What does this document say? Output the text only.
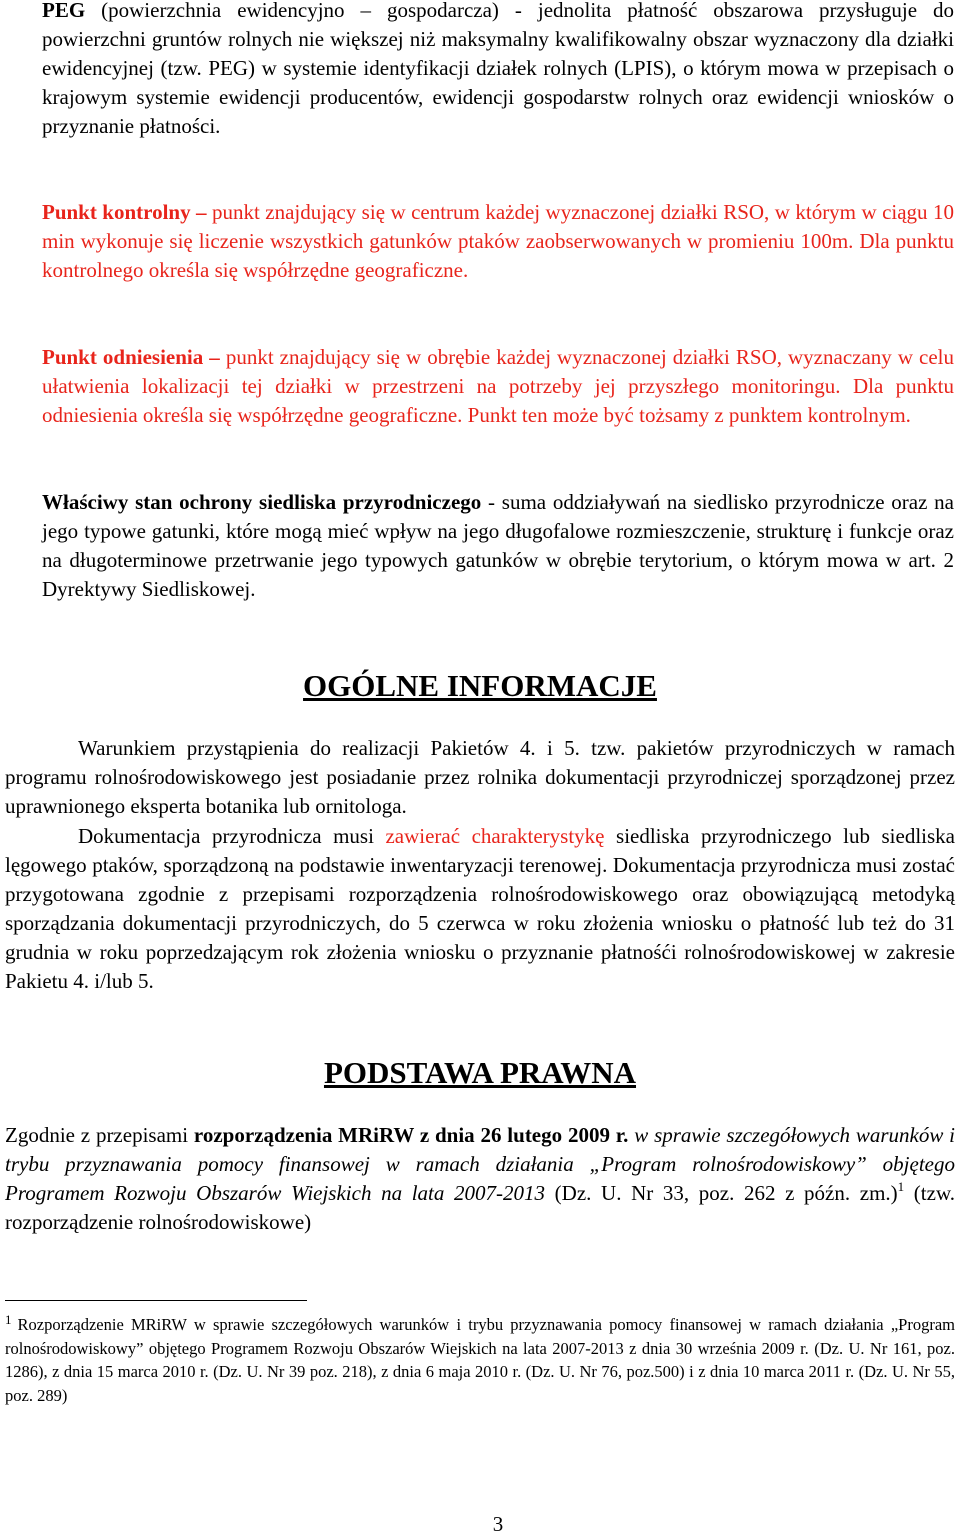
PEG (powierzchnia ewidencyjno – gospodarcza) - jednolita płatność obszarowa przysługuje do powierzchni gruntów rolnych nie większej niż maksymalny kwalifikowalny obszar wyznaczony dla działki ewidencyjnej (tzw. PEG) w systemie identyfikacji działek rolnych (LPIS), o którym mowa w przepisach o krajowym systemie ewidencji producentów, ewidencji gospodarstw rolnych oraz ewidencji wniosków o przyznanie płatności.

Punkt kontrolny – punkt znajdujący się w centrum każdej wyznaczonej działki RSO, w którym w ciągu 10 min wykonuje się liczenie wszystkich gatunków ptaków zaobserwowanych w promieniu 100m. Dla punktu kontrolnego określa się współrzędne geograficzne.

Punkt odniesienia – punkt znajdujący się w obrębie każdej wyznaczonej działki RSO, wyznaczany w celu ułatwienia lokalizacji tej działki w przestrzeni na potrzeby jej przyszłego monitoringu. Dla punktu odniesienia określa się współrzędne geograficzne. Punkt ten może być tożsamy z punktem kontrolnym.

Właściwy stan ochrony siedliska przyrodniczego - suma oddziaływań na siedlisko przyrodnicze oraz na jego typowe gatunki, które mogą mieć wpływ na jego długofalowe rozmieszczenie, strukturę i funkcje oraz na długoterminowe przetrwanie jego typowych gatunków w obrębie terytorium, o którym mowa w art. 2 Dyrektywy Siedliskowej.

OGÓLNE INFORMACJE

Warunkiem przystąpienia do realizacji Pakietów 4. i 5. tzw. pakietów przyrodniczych w ramach programu rolnośrodowiskowego jest posiadanie przez rolnika dokumentacji przyrodniczej sporządzonej przez uprawnionego eksperta botanika lub ornitologa.

Dokumentacja przyrodnicza musi zawierać charakterystykę siedliska przyrodniczego lub siedliska lęgowego ptaków, sporządzoną na podstawie inwentaryzacji terenowej. Dokumentacja przyrodnicza musi zostać przygotowana zgodnie z przepisami rozporządzenia rolnośrodowiskowego oraz obowiązującą metodyką sporządzania dokumentacji przyrodniczych, do 5 czerwca w roku złożenia wniosku o płatność lub też do 31 grudnia w roku poprzedzającym rok złożenia wniosku o przyznanie płatnośći rolnośrodowiskowej w zakresie Pakietu 4. i/lub 5.

PODSTAWA PRAWNA

Zgodnie z przepisami rozporządzenia MRiRW z dnia 26 lutego 2009 r. w sprawie szczegółowych warunków i trybu przyznawania pomocy finansowej w ramach działania „Program rolnośrodowiskowy” objętego Programem Rozwoju Obszarów Wiejskich na lata 2007-2013 (Dz. U. Nr 33, poz. 262 z późn. zm.)$^1$ (tzw. rozporządzenie rolnośrodowiskowe)

$^1$ Rozporządzenie MRiRW w sprawie szczegółowych warunków i trybu przyznawania pomocy finansowej w ramach działania „Program rolnośrodowiskowy” objętego Programem Rozwoju Obszarów Wiejskich na lata 2007-2013 z dnia 30 września 2009 r. (Dz. U. Nr 161, poz. 1286), z dnia 15 marca 2010 r. (Dz. U. Nr 39 poz. 218), z dnia 6 maja 2010 r. (Dz. U. Nr 76, poz.500) i z dnia 10 marca 2011 r. (Dz. U. Nr 55, poz. 289)

3
